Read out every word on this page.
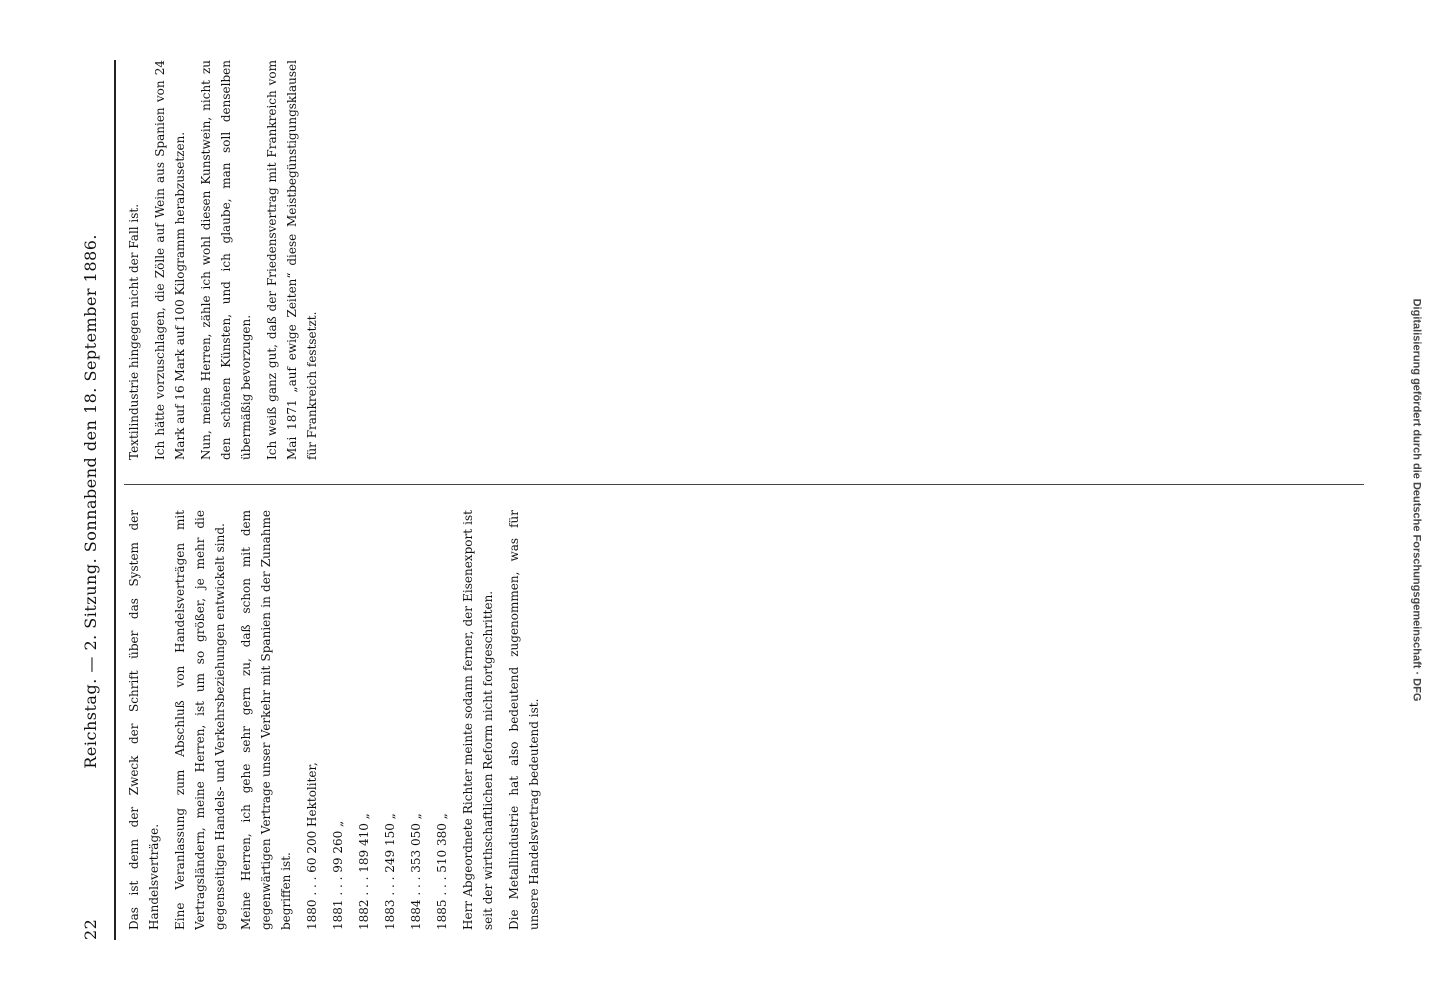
22
Reichstag. — 2. Sitzung. Sonnabend den 18. September 1886. Das ist denn der Zweck der Schrift über das System der Handelsverträge. Eine Veranlassung zum Abschluß von Handelsverträgen mit Vertragsländern, meine Herren, ist um so größer, je mehr die gegenseitigen Handels- und Verkehrsbeziehungen entwickelt sind. Meine Herren, ich gehe sehr gern zu, daß schon mit dem gegenwärtigen Vertrage unser Verkehr mit Spanien in der Zunahme begriffen ist. 1880 . . . 60 200 Hektoliter, 1881 . . . 99 260 „ 1882 . . . 189 410 „ 1883 . . . 249 150 „ 1884 . . . 353 050 „ 1885 . . . 510 380 „ Herr Abgeordnete Richter meinte sodann ferner, der Eisenexport ist seit der wirthschaftlichen Reform nicht fortgeschritten. Die Metallindustrie hat also bedeutend zugenommen, was für unsere Handelsvertrag bedeutend ist.

Textilindustrie hingegen nicht der Fall ist. Ich hätte vorzuschlagen, die Zölle auf Wein aus Spanien von 24 Mark auf 16 Mark auf 100 Kilogramm herabzusetzen. Nun, meine Herren, zähle ich wohl diesen Kunstwein, nicht zu den schönen Künsten, und ich glaube, man soll denselben übermäßig bevorzugen. Ich weiß ganz gut, daß der Friedensvertrag mit Frankreich vom Mai 1871 „auf ewige Zeiten“ diese Meistbegünstigungsklausel für Frankreich festsetzt.	Digitalisierung gefördert durch die Deutsche Forschungsgemeinschaft · DFG
